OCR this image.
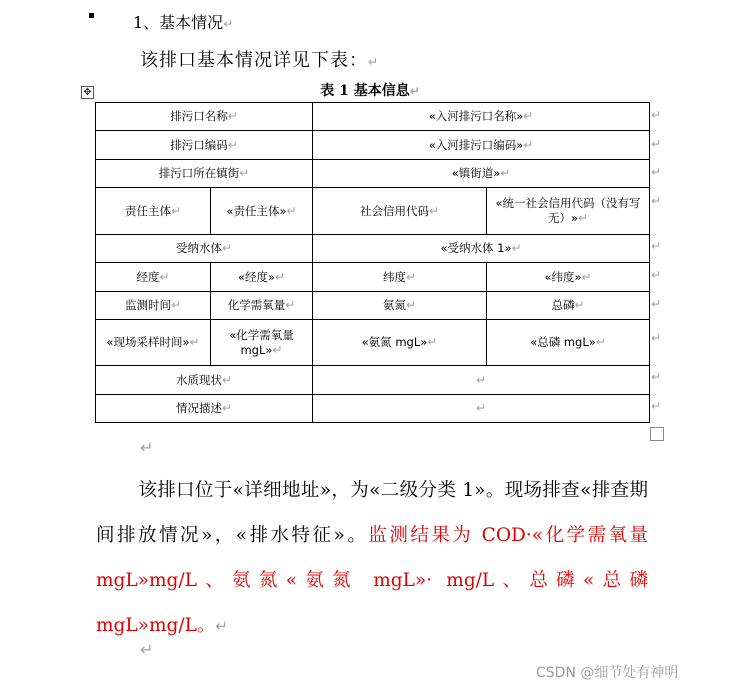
1、基本情况↵
该排口基本情况详见下表：↵
✥	表 1 基本信息↵
排污口名称↵		«入河排污口名称»↵	
排污口编码↵		«入河排污口编码»↵	
排污口所在镇街↵		«镇街道»↵	
责任主体↵	«责任主体»↵	社会信用代码↵	«统一社会信用代码（没有写无）»↵
受纳水体↵		«受纳水体 1»↵	
经度↵	«经度»↵	纬度↵	«纬度»↵
监测时间↵	化学需氧量↵	氨氮↵	总磷↵
«现场采样时间»↵	«化学需氧量 mgL»↵	«氨氮 mgL»↵	«总磷 mgL»↵
水质现状↵		↵	
情况描述↵		↵	
↵
↵
↵
↵
↵
↵
↵
↵
↵
↵
↵
该排口位于«详细地址»，为«二级分类 1»。现场排查«排查期间排放情况»，«排水特征»。监测结果为 COD·«化学需氧量 mgL»mg/L、氨氮«氨氮 mgL»· mg/L、总磷«总磷 mgL»mg/L。↵
↵
CSDN @细节处有神明
